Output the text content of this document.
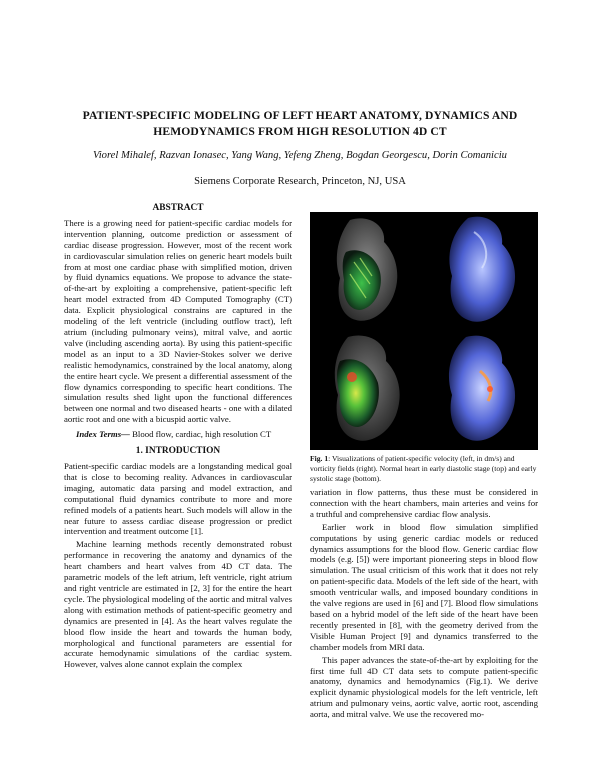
PATIENT-SPECIFIC MODELING OF LEFT HEART ANATOMY, DYNAMICS AND
HEMODYNAMICS FROM HIGH RESOLUTION 4D CT
Viorel Mihalef, Razvan Ionasec, Yang Wang, Yefeng Zheng, Bogdan Georgescu, Dorin Comaniciu
Siemens Corporate Research, Princeton, NJ, USA
ABSTRACT

There is a growing need for patient-specific cardiac models for intervention planning, outcome prediction or assessment of cardiac disease progression. However, most of the recent work in cardiovascular simulation relies on generic heart models built from at most one cardiac phase with simplified motion, driven by fluid dynamics equations. We propose to advance the state-of-the-art by exploiting a comprehensive, patient-specific left heart model extracted from 4D Computed Tomography (CT) data. Explicit physiological constrains are captured in the modeling of the left ventricle (including outflow tract), left atrium (including pulmonary veins), mitral valve, and aortic valve (including ascending aorta). By using this patient-specific model as an input to a 3D Navier-Stokes solver we derive realistic hemodynamics, constrained by the local anatomy, along the entire heart cycle. We present a differential assessment of the flow dynamics corresponding to specific heart conditions. The simulation results shed light upon the functional differences between one normal and two diseased hearts - one with a dilated aortic root and one with a bicuspid aortic valve.

Index Terms— Blood flow, cardiac, high resolution CT
1. INTRODUCTION

Patient-specific cardiac models are a longstanding medical goal that is close to becoming reality. Advances in cardiovascular imaging, automatic data parsing and model extraction, and computational fluid dynamics contribute to more and more refined models of a patients heart. Such models will allow in the near future to assess cardiac disease progression or predict intervention and treatment outcome [1].

Machine learning methods recently demonstrated robust performance in recovering the anatomy and dynamics of the heart chambers and heart valves from 4D CT data. The parametric models of the left atrium, left ventricle, right atrium and right ventricle are estimated in [2, 3] for the entire the heart cycle. The physiological modeling of the aortic and mitral valves along with estimation methods of patient-specific geometry and dynamics are presented in [4]. As the heart valves regulate the blood flow inside the heart and towards the human body, morphological and functional parameters are essential for accurate hemodynamic simulations of the cardiac system. However, valves alone cannot explain the complex

Fig. 1: Visualizations of patient-specific velocity (left, in dm/s) and vorticity fields (right). Normal heart in early diastolic stage (top) and early systolic stage (bottom).

variation in flow patterns, thus these must be considered in connection with the heart chambers, main arteries and veins for a truthful and comprehensive cardiac flow analysis.

Earlier work in blood flow simulation simplified computations by using generic cardiac models or reduced dynamics assumptions for the blood flow. Generic cardiac flow models (e.g. [5]) were important pioneering steps in blood flow simulation. The usual criticism of this work that it does not rely on patient-specific data. Models of the left side of the heart, with smooth ventricular walls, and imposed boundary conditions in the valve regions are used in [6] and [7]. Blood flow simulations based on a hybrid model of the left side of the heart have been recently presented in [8], with the geometry derived from the Visible Human Project [9] and dynamics transferred to the chamber models from MRI data.

This paper advances the state-of-the-art by exploiting for the first time full 4D CT data sets to compute patient-specific anatomy, dynamics and hemodynamics (Fig.1). We derive explicit dynamic physiological models for the left ventricle, left atrium and pulmonary veins, aortic valve, aortic root, ascending aorta, and mitral valve. We use the recovered mo-
